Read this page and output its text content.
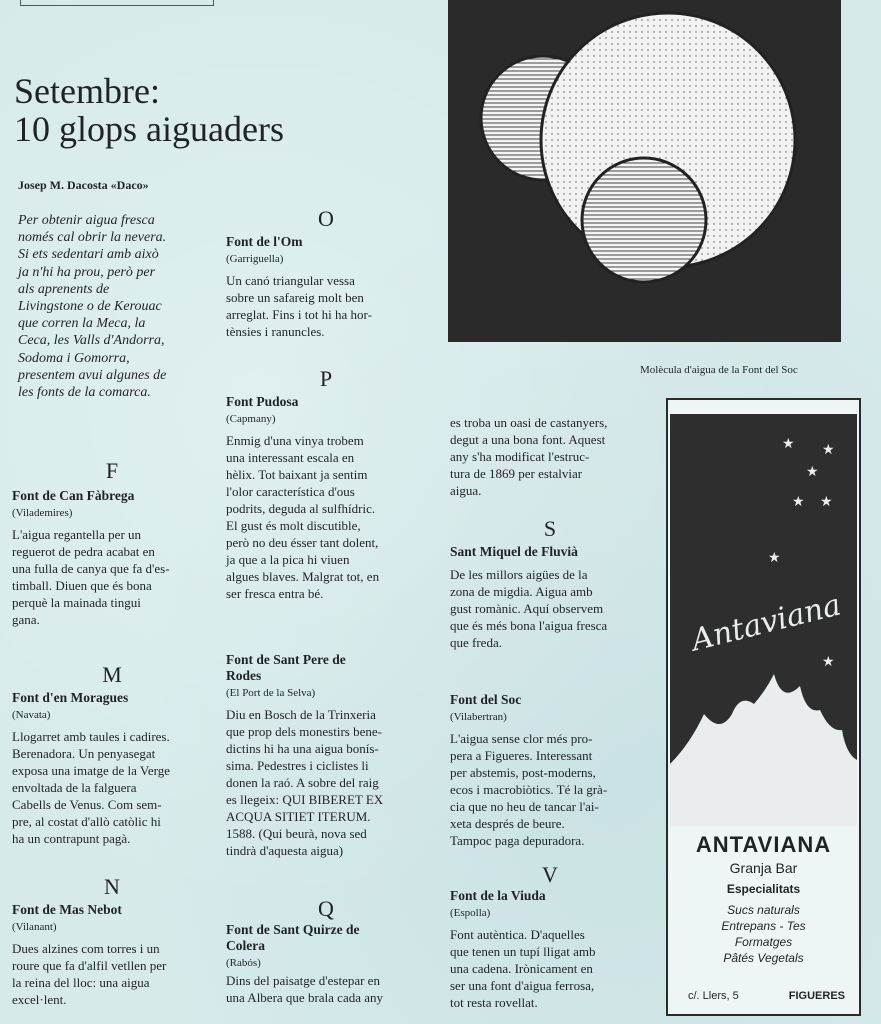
Setembre:
10 glops aiguaders
Josep M. Dacosta «Daco»
Per obtenir aigua fresca
només cal obrir la nevera.
Si ets sedentari amb això
ja n'hi ha prou, però per
als aprenents de
Livingstone o de Kerouac
que corren la Meca, la
Ceca, les Valls d'Andorra,
Sodoma i Gomorra,
presentem avui algunes de
les fonts de la comarca.
F
Font de Can Fàbrega
(Vilademires)
L'aigua regantella per un
reguerot de pedra acabat en
una fulla de canya que fa d'es-
timball. Diuen que és bona
perquè la mainada tingui
gana.
M
Font d'en Moragues
(Navata)
Llogarret amb taules i cadires.
Berenadora. Un penyasegat
exposa una imatge de la Verge
envoltada de la falguera
Cabells de Venus. Com sem-
pre, al costat d'allò catòlic hi
ha un contrapunt pagà.
N
Font de Mas Nebot
(Vilanant)
Dues alzines com torres i un
roure que fa d'alfil vetllen per
la reina del lloc: una aigua
excel·lent.
O
Font de l'Om
(Garriguella)
Un canó triangular vessa
sobre un safareig molt ben
arreglat. Fins i tot hi ha hor-
tènsies i ranuncles.
P
Font Pudosa
(Capmany)
Enmig d'una vinya trobem
una interessant escala en
hèlix. Tot baixant ja sentim
l'olor característica d'ous
podrits, deguda al sulfhídric.
El gust és molt discutible,
però no deu ésser tant dolent,
ja que a la pica hi viuen
algues blaves. Malgrat tot, en
ser fresca entra bé.
Font de Sant Pere de
Rodes
(El Port de la Selva)
Diu en Bosch de la Trinxeria
que prop dels monestirs bene-
dictins hi ha una aigua bonís-
sima. Pedestres i ciclistes li
donen la raó. A sobre del raig
es llegeix: QUI BIBERET EX
ACQUA SITIET ITERUM.
1588. (Qui beurà, nova sed
tindrà d'aquesta aigua)
Q
Font de Sant Quirze de
Colera
(Rabós)
Dins del paisatge d'estepar en
una Albera que brala cada any
Molècula d'aigua de la Font del Soc
es troba un oasi de castanyers,
degut a una bona font. Aquest
any s'ha modificat l'estruc-
tura de 1869 per estalviar
aigua.
S
Sant Miquel de Fluvià
De les millors aigües de la
zona de migdia. Aigua amb
gust romànic. Aquí observem
que és més bona l'aigua fresca
que freda.
Font del Soc
(Vilabertran)
L'aigua sense clor més pro-
pera a Figueres. Interessant
per abstemis, post-moderns,
ecos i macrobiòtics. Té la grà-
cia que no heu de tancar l'ai-
xeta després de beure.
Tampoc paga depuradora.
V
Font de la Viuda
(Espolla)
Font autèntica. D'aquelles
que tenen un tupí lligat amb
una cadena. Irònicament en
ser una font d'aigua ferrosa,
tot resta rovellat.
★ ★
★
★ ★
★
★
Antaviana
ANTAVIANA
Granja Bar
Especialitats
Sucs naturals
Entrepans - Tes
Formatges
Pâtés Vegetals
c/. Llers, 5	FIGUERES
